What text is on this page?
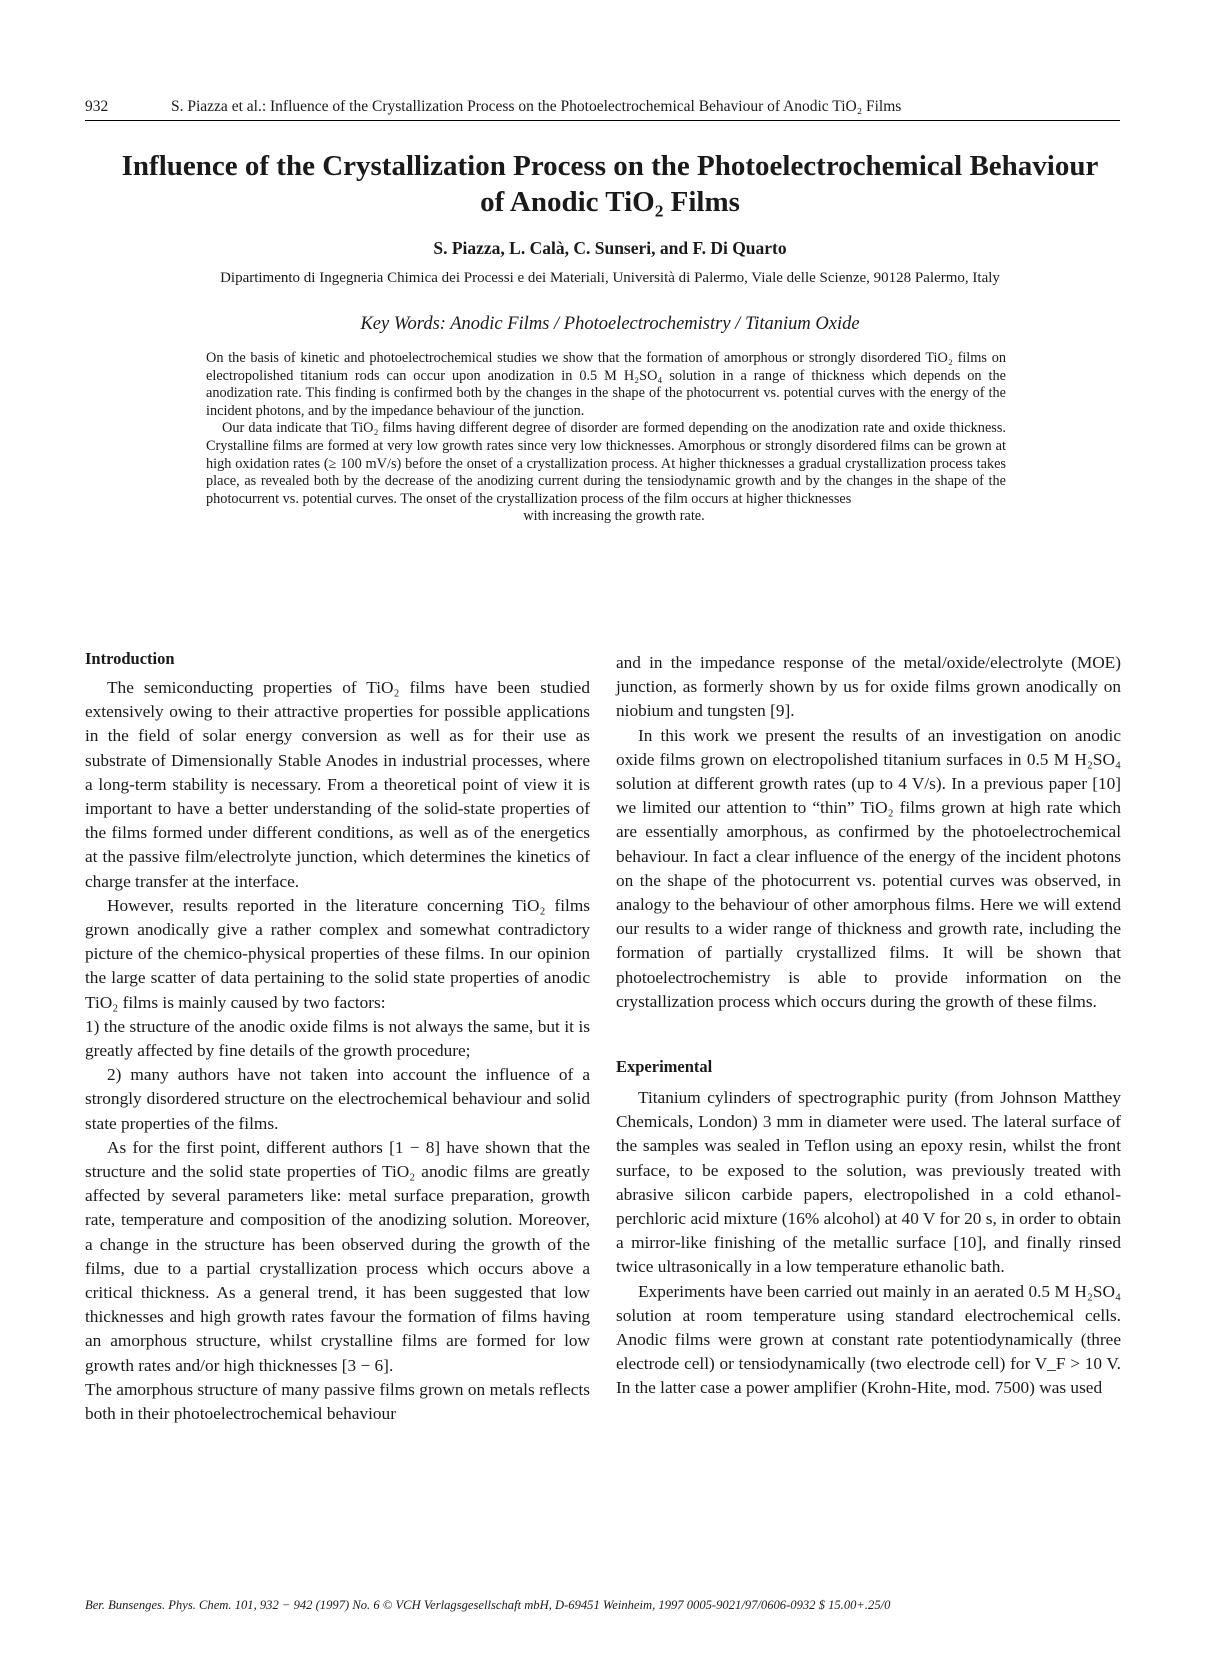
932	S. Piazza et al.: Influence of the Crystallization Process on the Photoelectrochemical Behaviour of Anodic TiO₂ Films
Influence of the Crystallization Process on the Photoelectrochemical Behaviour
of Anodic TiO₂ Films
S. Piazza, L. Calà, C. Sunseri, and F. Di Quarto
Dipartimento di Ingegneria Chimica dei Processi e dei Materiali, Università di Palermo, Viale delle Scienze, 90128 Palermo, Italy
Key Words: Anodic Films / Photoelectrochemistry / Titanium Oxide

On the basis of kinetic and photoelectrochemical studies we show that the formation of amorphous or strongly disordered TiO₂ films on electropolished titanium rods can occur upon anodization in 0.5 M H₂SO₄ solution in a range of thickness which depends on the anodization rate. This finding is confirmed both by the changes in the shape of the photocurrent vs. potential curves with the energy of the incident photons, and by the impedance behaviour of the junction.

Our data indicate that TiO₂ films having different degree of disorder are formed depending on the anodization rate and oxide thickness. Crystalline films are formed at very low growth rates since very low thicknesses. Amorphous or strongly disordered films can be grown at high oxidation rates (≥ 100 mV/s) before the onset of a crystallization process. At higher thicknesses a gradual crystallization process takes place, as revealed both by the decrease of the anodizing current during the tensiodynamic growth and by the changes in the shape of the photocurrent vs. potential curves. The onset of the crystallization process of the film occurs at higher thicknesses
with increasing the growth rate.

Introduction

The semiconducting properties of TiO₂ films have been studied extensively owing to their attractive properties for possible applications in the field of solar energy conversion as well as for their use as substrate of Dimensionally Stable Anodes in industrial processes, where a long-term stability is necessary. From a theoretical point of view it is important to have a better understanding of the solid-state properties of the films formed under different conditions, as well as of the energetics at the passive film/electrolyte junction, which determines the kinetics of charge transfer at the interface.

However, results reported in the literature concerning TiO₂ films grown anodically give a rather complex and somewhat contradictory picture of the chemico-physical properties of these films. In our opinion the large scatter of data pertaining to the solid state properties of anodic TiO₂ films is mainly caused by two factors:

1) the structure of the anodic oxide films is not always the same, but it is greatly affected by fine details of the growth procedure;

2) many authors have not taken into account the influence of a strongly disordered structure on the electrochemical behaviour and solid state properties of the films.

As for the first point, different authors [1 − 8] have shown that the structure and the solid state properties of TiO₂ anodic films are greatly affected by several parameters like: metal surface preparation, growth rate, temperature and composition of the anodizing solution. Moreover, a change in the structure has been observed during the growth of the films, due to a partial crystallization process which occurs above a critical thickness. As a general trend, it has been suggested that low thicknesses and high growth rates favour the formation of films having an amorphous structure, whilst crystalline films are formed for low growth rates and/or high thicknesses [3 − 6].

The amorphous structure of many passive films grown on metals reflects both in their photoelectrochemical behaviour

and in the impedance response of the metal/oxide/electrolyte (MOE) junction, as formerly shown by us for oxide films grown anodically on niobium and tungsten [9].

In this work we present the results of an investigation on anodic oxide films grown on electropolished titanium surfaces in 0.5 M H₂SO₄ solution at different growth rates (up to 4 V/s). In a previous paper [10] we limited our attention to “thin” TiO₂ films grown at high rate which are essentially amorphous, as confirmed by the photoelectrochemical behaviour. In fact a clear influence of the energy of the incident photons on the shape of the photocurrent vs. potential curves was observed, in analogy to the behaviour of other amorphous films. Here we will extend our results to a wider range of thickness and growth rate, including the formation of partially crystallized films. It will be shown that photoelectrochemistry is able to provide information on the crystallization process which occurs during the growth of these films.

Experimental

Titanium cylinders of spectrographic purity (from Johnson Matthey Chemicals, London) 3 mm in diameter were used. The lateral surface of the samples was sealed in Teflon using an epoxy resin, whilst the front surface, to be exposed to the solution, was previously treated with abrasive silicon carbide papers, electropolished in a cold ethanol-perchloric acid mixture (16% alcohol) at 40 V for 20 s, in order to obtain a mirror-like finishing of the metallic surface [10], and finally rinsed twice ultrasonically in a low temperature ethanolic bath.

Experiments have been carried out mainly in an aerated 0.5 M H₂SO₄ solution at room temperature using standard electrochemical cells. Anodic films were grown at constant rate potentiodynamically (three electrode cell) or tensiodynamically (two electrode cell) for V_F > 10 V. In the latter case a power amplifier (Krohn-Hite, mod. 7500) was used

Ber. Bunsenges. Phys. Chem. 101, 932 − 942 (1997) No. 6 © VCH Verlagsgesellschaft mbH, D-69451 Weinheim, 1997 0005-9021/97/0606-0932 $ 15.00+.25/0
